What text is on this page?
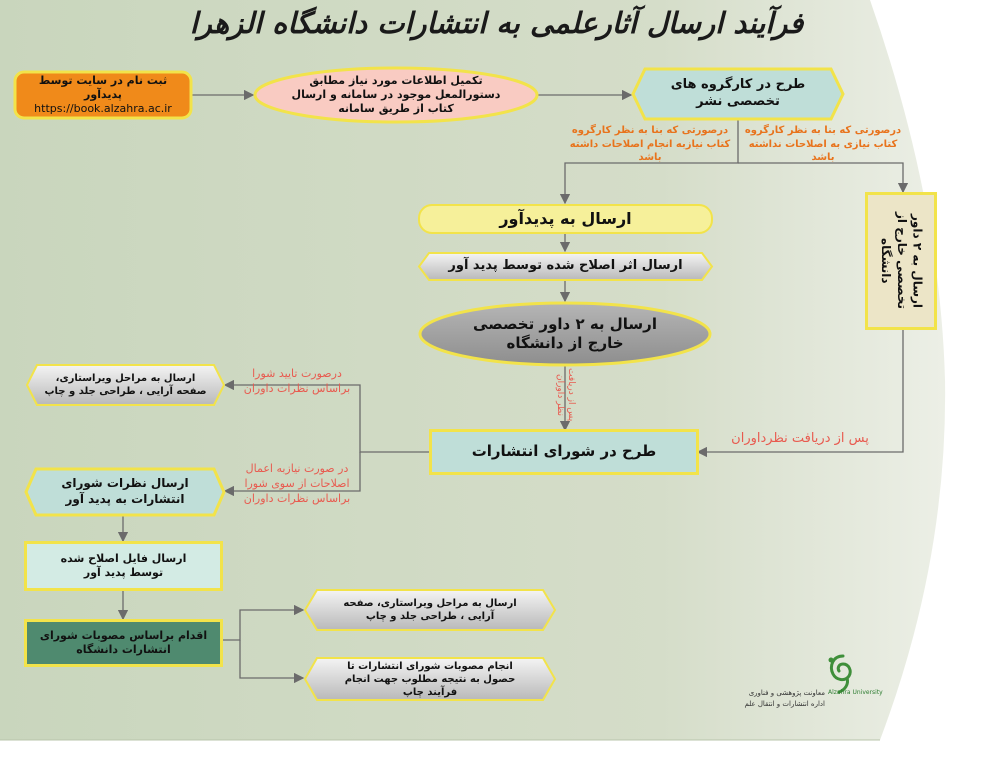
فرآیند ارسال آثارعلمی به انتشارات دانشگاه الزهرا
ثبت نام در سایت توسط پدیدآور
https://book.alzahra.ac.ir
تکمیل اطلاعات مورد نیاز مطابق دستورالمعل موجود در سامانه و ارسال کتاب از طریق سامانه
طرح در کارگروه های تخصصی نشر
درصورتی که بنا به نظر کارگروه کتاب نیازبه انجام اصلاحات داشته باشد
درصورتی که بنا به نظر کارگروه کتاب نیازی به اصلاحات نداشته باشد
ارسال به پدیدآور
ارسال اثر اصلاح شده توسط پدید آور
ارسال به ۲ داور تخصصی خارج از دانشگاه
ارسال به ۲ داور تخصصی خارج از دانشگاه
پس از دریافت نظر داوران
طرح در شورای انتشارات
پس از دریافت نظرداوران
درصورت تایید شورا براساس نظرات داوران
در صورت نیازبه اعمال اصلاحات از سوی شورا براساس نظرات داوران
ارسال به مراحل ویراستاری، صفحه آرایی ، طراحی جلد و چاپ
ارسال نظرات شورای انتشارات به پدید آور
ارسال فایل اصلاح شده توسط پدید آور
اقدام براساس مصوبات شورای انتشارات دانشگاه
ارسال به مراحل ویراستاری، صفحه آرایی ، طراحی جلد و چاپ
انجام مصوبات شورای انتشارات تا حصول به نتیجه مطلوب جهت انجام فرآیند چاپ	Alzahra University
معاونت پژوهشی و فناوری
اداره انتشارات و انتقال علم
